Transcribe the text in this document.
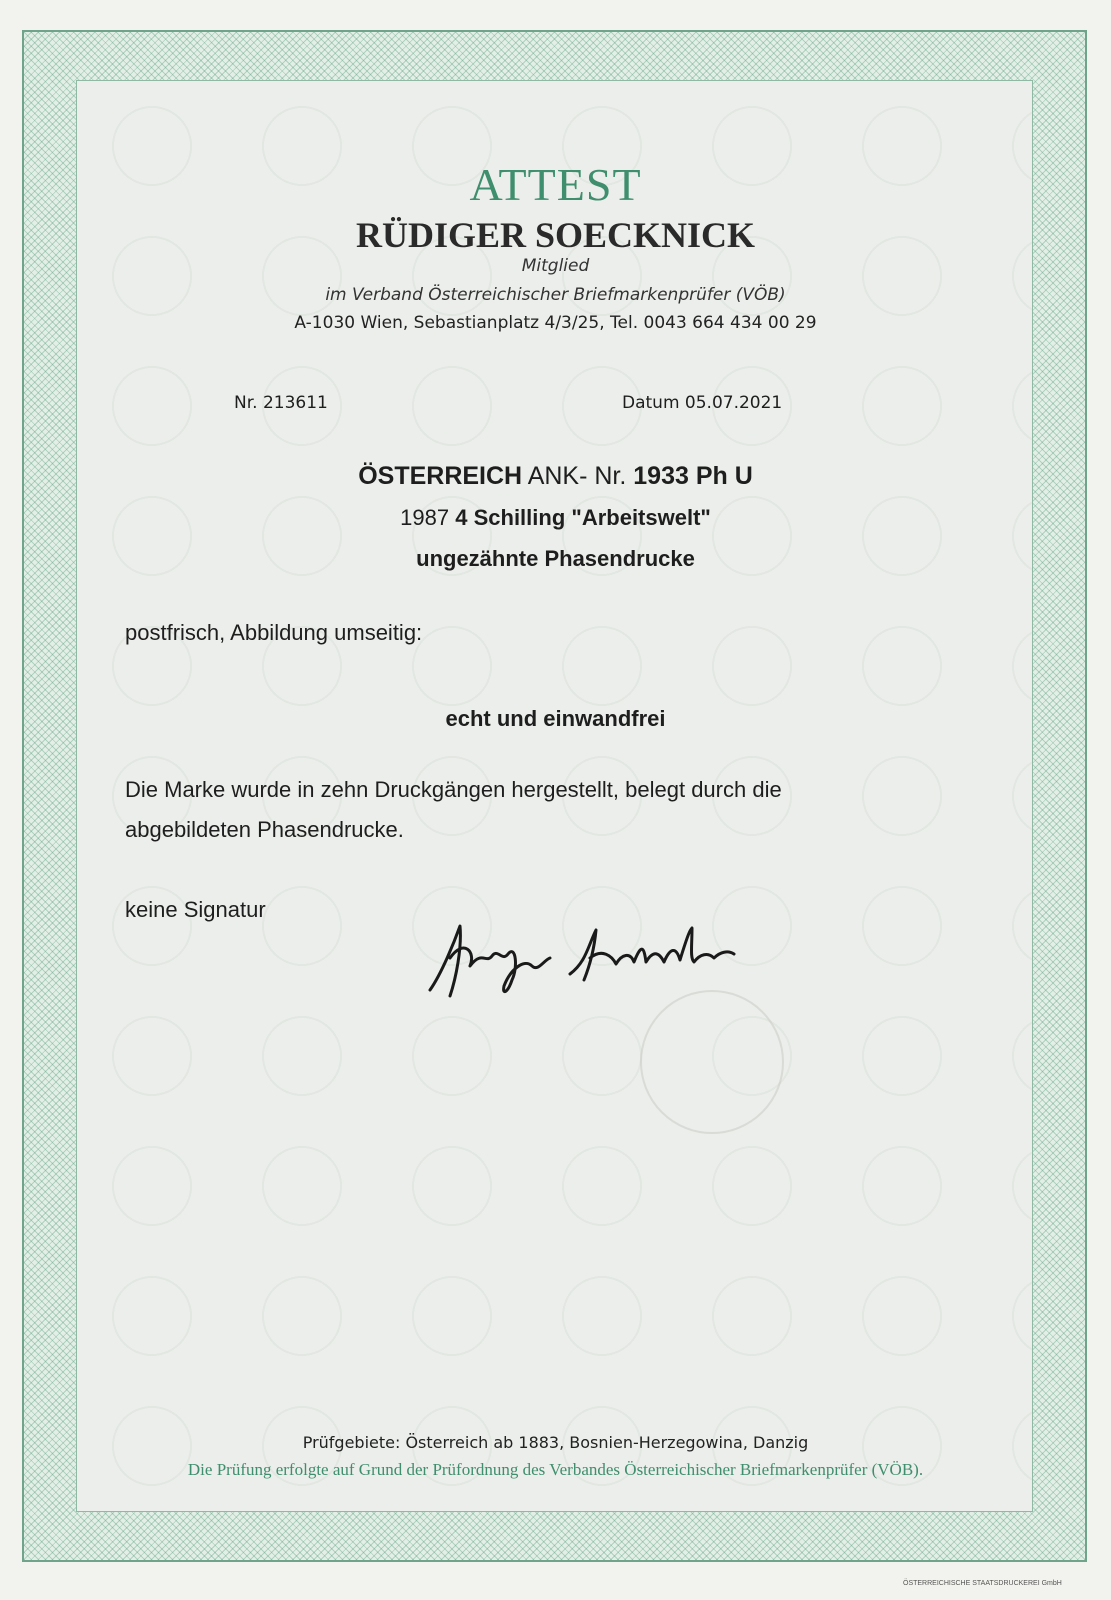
ATTEST
RÜDIGER SOECKNICK
Mitglied
im Verband Österreichischer Briefmarkenprüfer (VÖB)
A-1030 Wien, Sebastianplatz 4/3/25, Tel. 0043 664 434 00 29
Nr. 213611	Datum 05.07.2021
ÖSTERREICH ANK- Nr. 1933 Ph U
1987 4 Schilling "Arbeitswelt"
ungezähnte Phasendrucke
postfrisch, Abbildung umseitig:
echt und einwandfrei
Die Marke wurde in zehn Druckgängen hergestellt, belegt durch die
abgebildeten Phasendrucke.
keine Signatur
Prüfgebiete: Österreich ab 1883, Bosnien-Herzegowina, Danzig
Die Prüfung erfolgte auf Grund der Prüfordnung des Verbandes Österreichischer Briefmarkenprüfer (VÖB).
ÖSTERREICHISCHE STAATSDRUCKEREI GmbH
